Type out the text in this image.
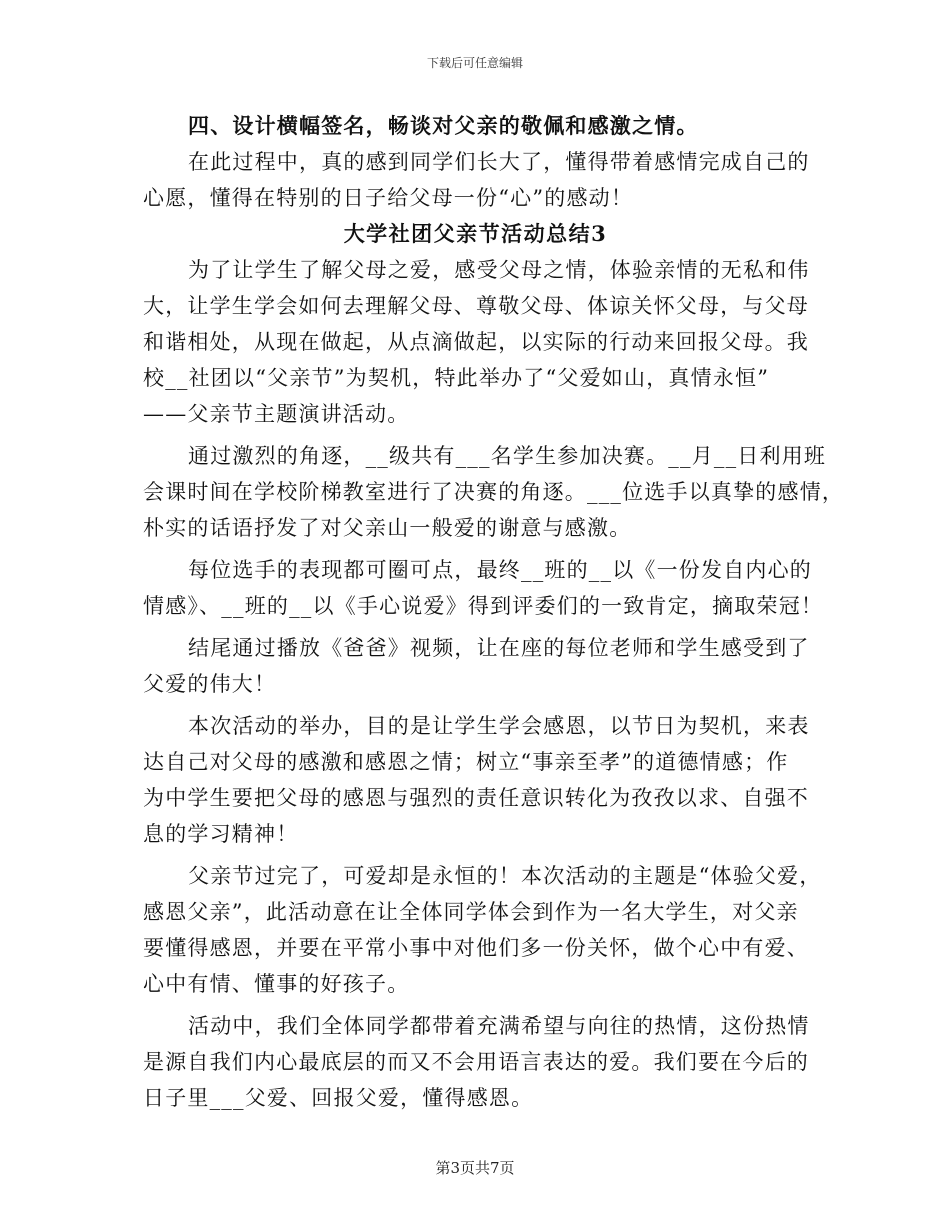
下载后可任意编辑
四、设计横幅签名，畅谈对父亲的敬佩和感激之情。
在此过程中，真的感到同学们长大了，懂得带着感情完成自己的
心愿，懂得在特别的日子给父母一份“心”的感动！
大学社团父亲节活动总结3
为了让学生了解父母之爱，感受父母之情，体验亲情的无私和伟
大，让学生学会如何去理解父母、尊敬父母、体谅关怀父母，与父母
和谐相处，从现在做起，从点滴做起，以实际的行动来回报父母。我
校__社团以“父亲节”为契机，特此举办了“父爱如山，真情永恒”
——父亲节主题演讲活动。
通过激烈的角逐，__级共有___名学生参加决赛。__月__日利用班
会课时间在学校阶梯教室进行了决赛的角逐。___位选手以真挚的感情，
朴实的话语抒发了对父亲山一般爱的谢意与感激。
每位选手的表现都可圈可点，最终__班的__以《一份发自内心的
情感》、__班的__以《手心说爱》得到评委们的一致肯定，摘取荣冠！
结尾通过播放《爸爸》视频，让在座的每位老师和学生感受到了
父爱的伟大！
本次活动的举办，目的是让学生学会感恩，以节日为契机，来表
达自己对父母的感激和感恩之情；树立“事亲至孝”的道德情感；作
为中学生要把父母的感恩与强烈的责任意识转化为孜孜以求、自强不
息的学习精神！
父亲节过完了，可爱却是永恒的！本次活动的主题是“体验父爱，
感恩父亲”，此活动意在让全体同学体会到作为一名大学生，对父亲
要懂得感恩，并要在平常小事中对他们多一份关怀，做个心中有爱、
心中有情、懂事的好孩子。
活动中，我们全体同学都带着充满希望与向往的热情，这份热情
是源自我们内心最底层的而又不会用语言表达的爱。我们要在今后的
日子里___父爱、回报父爱，懂得感恩。
第3页共7页
